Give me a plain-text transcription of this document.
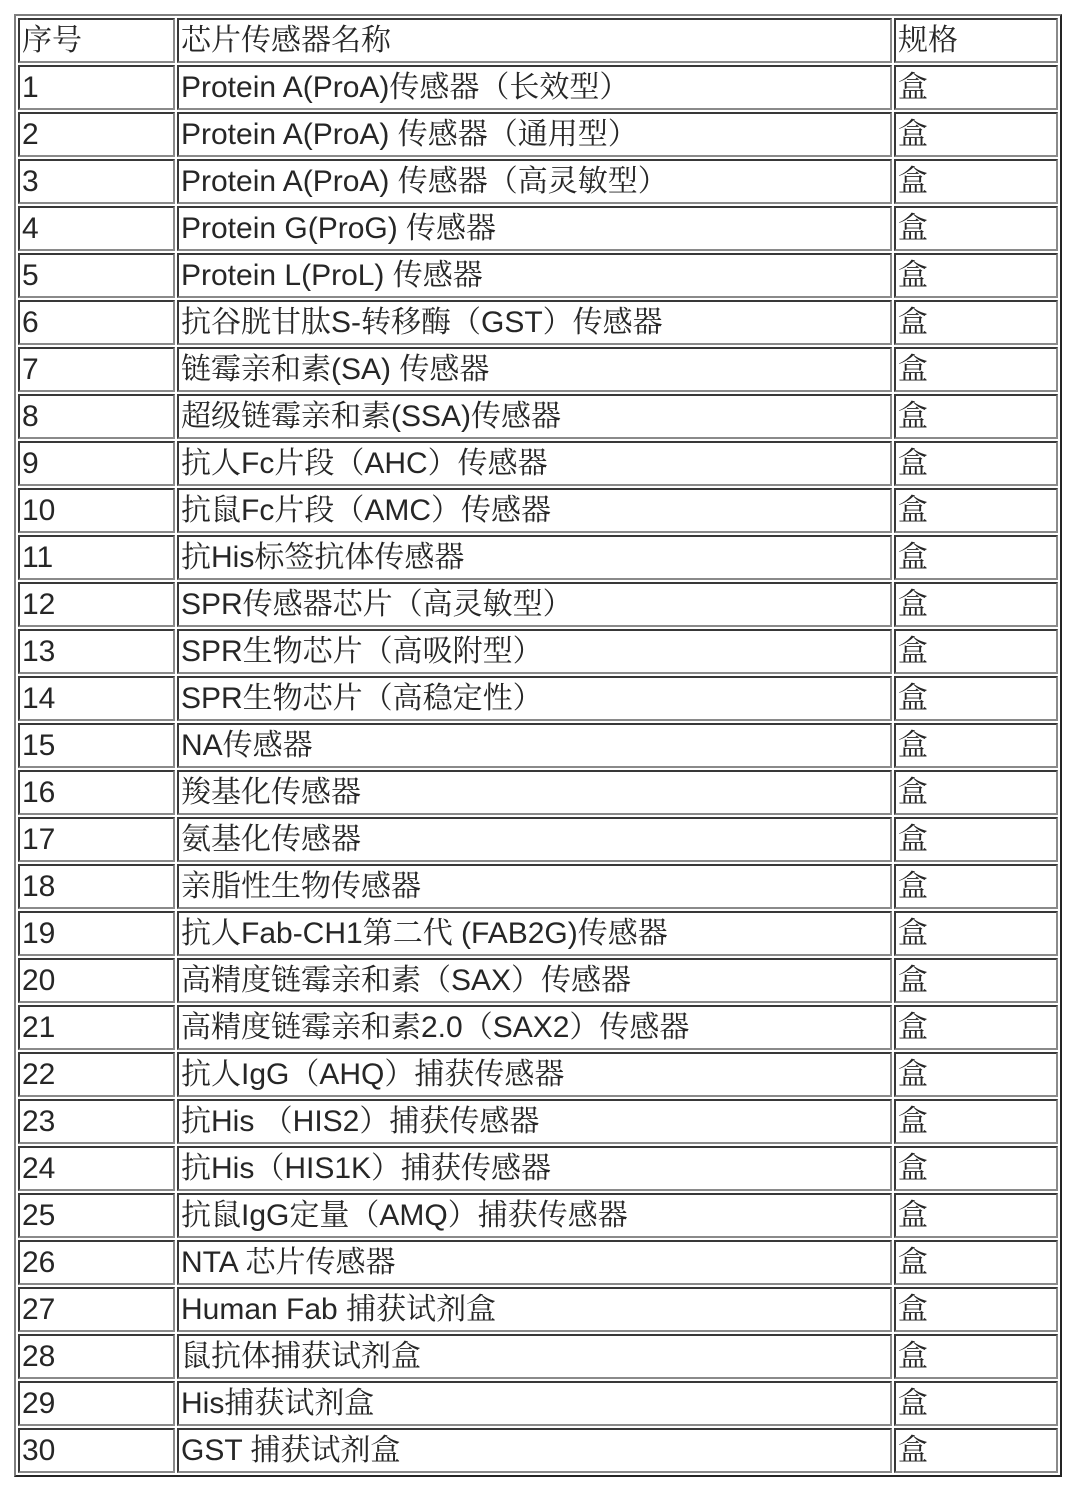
序号	芯片传感器名称	规格
1	Protein A(ProA)传感器（长效型）	盒
2	Protein A(ProA) 传感器（通用型）	盒
3	Protein A(ProA) 传感器（高灵敏型）	盒
4	Protein G(ProG) 传感器	盒
5	Protein L(ProL) 传感器	盒
6	抗谷胱甘肽S-转移酶（GST）传感器	盒
7	链霉亲和素(SA) 传感器	盒
8	超级链霉亲和素(SSA)传感器	盒
9	抗人Fc片段（AHC）传感器	盒
10	抗鼠Fc片段（AMC）传感器	盒
11	抗His标签抗体传感器	盒
12	SPR传感器芯片（高灵敏型）	盒
13	SPR生物芯片（高吸附型）	盒
14	SPR生物芯片（高稳定性）	盒
15	NA传感器	盒
16	羧基化传感器	盒
17	氨基化传感器	盒
18	亲脂性生物传感器	盒
19	抗人Fab-CH1第二代 (FAB2G)传感器	盒
20	高精度链霉亲和素（SAX）传感器	盒
21	高精度链霉亲和素2.0（SAX2）传感器	盒
22	抗人IgG（AHQ）捕获传感器	盒
23	抗His （HIS2）捕获传感器	盒
24	抗His（HIS1K）捕获传感器	盒
25	抗鼠IgG定量（AMQ）捕获传感器	盒
26	NTA 芯片传感器	盒
27	Human Fab 捕获试剂盒	盒
28	鼠抗体捕获试剂盒	盒
29	His捕获试剂盒	盒
30	GST 捕获试剂盒	盒
